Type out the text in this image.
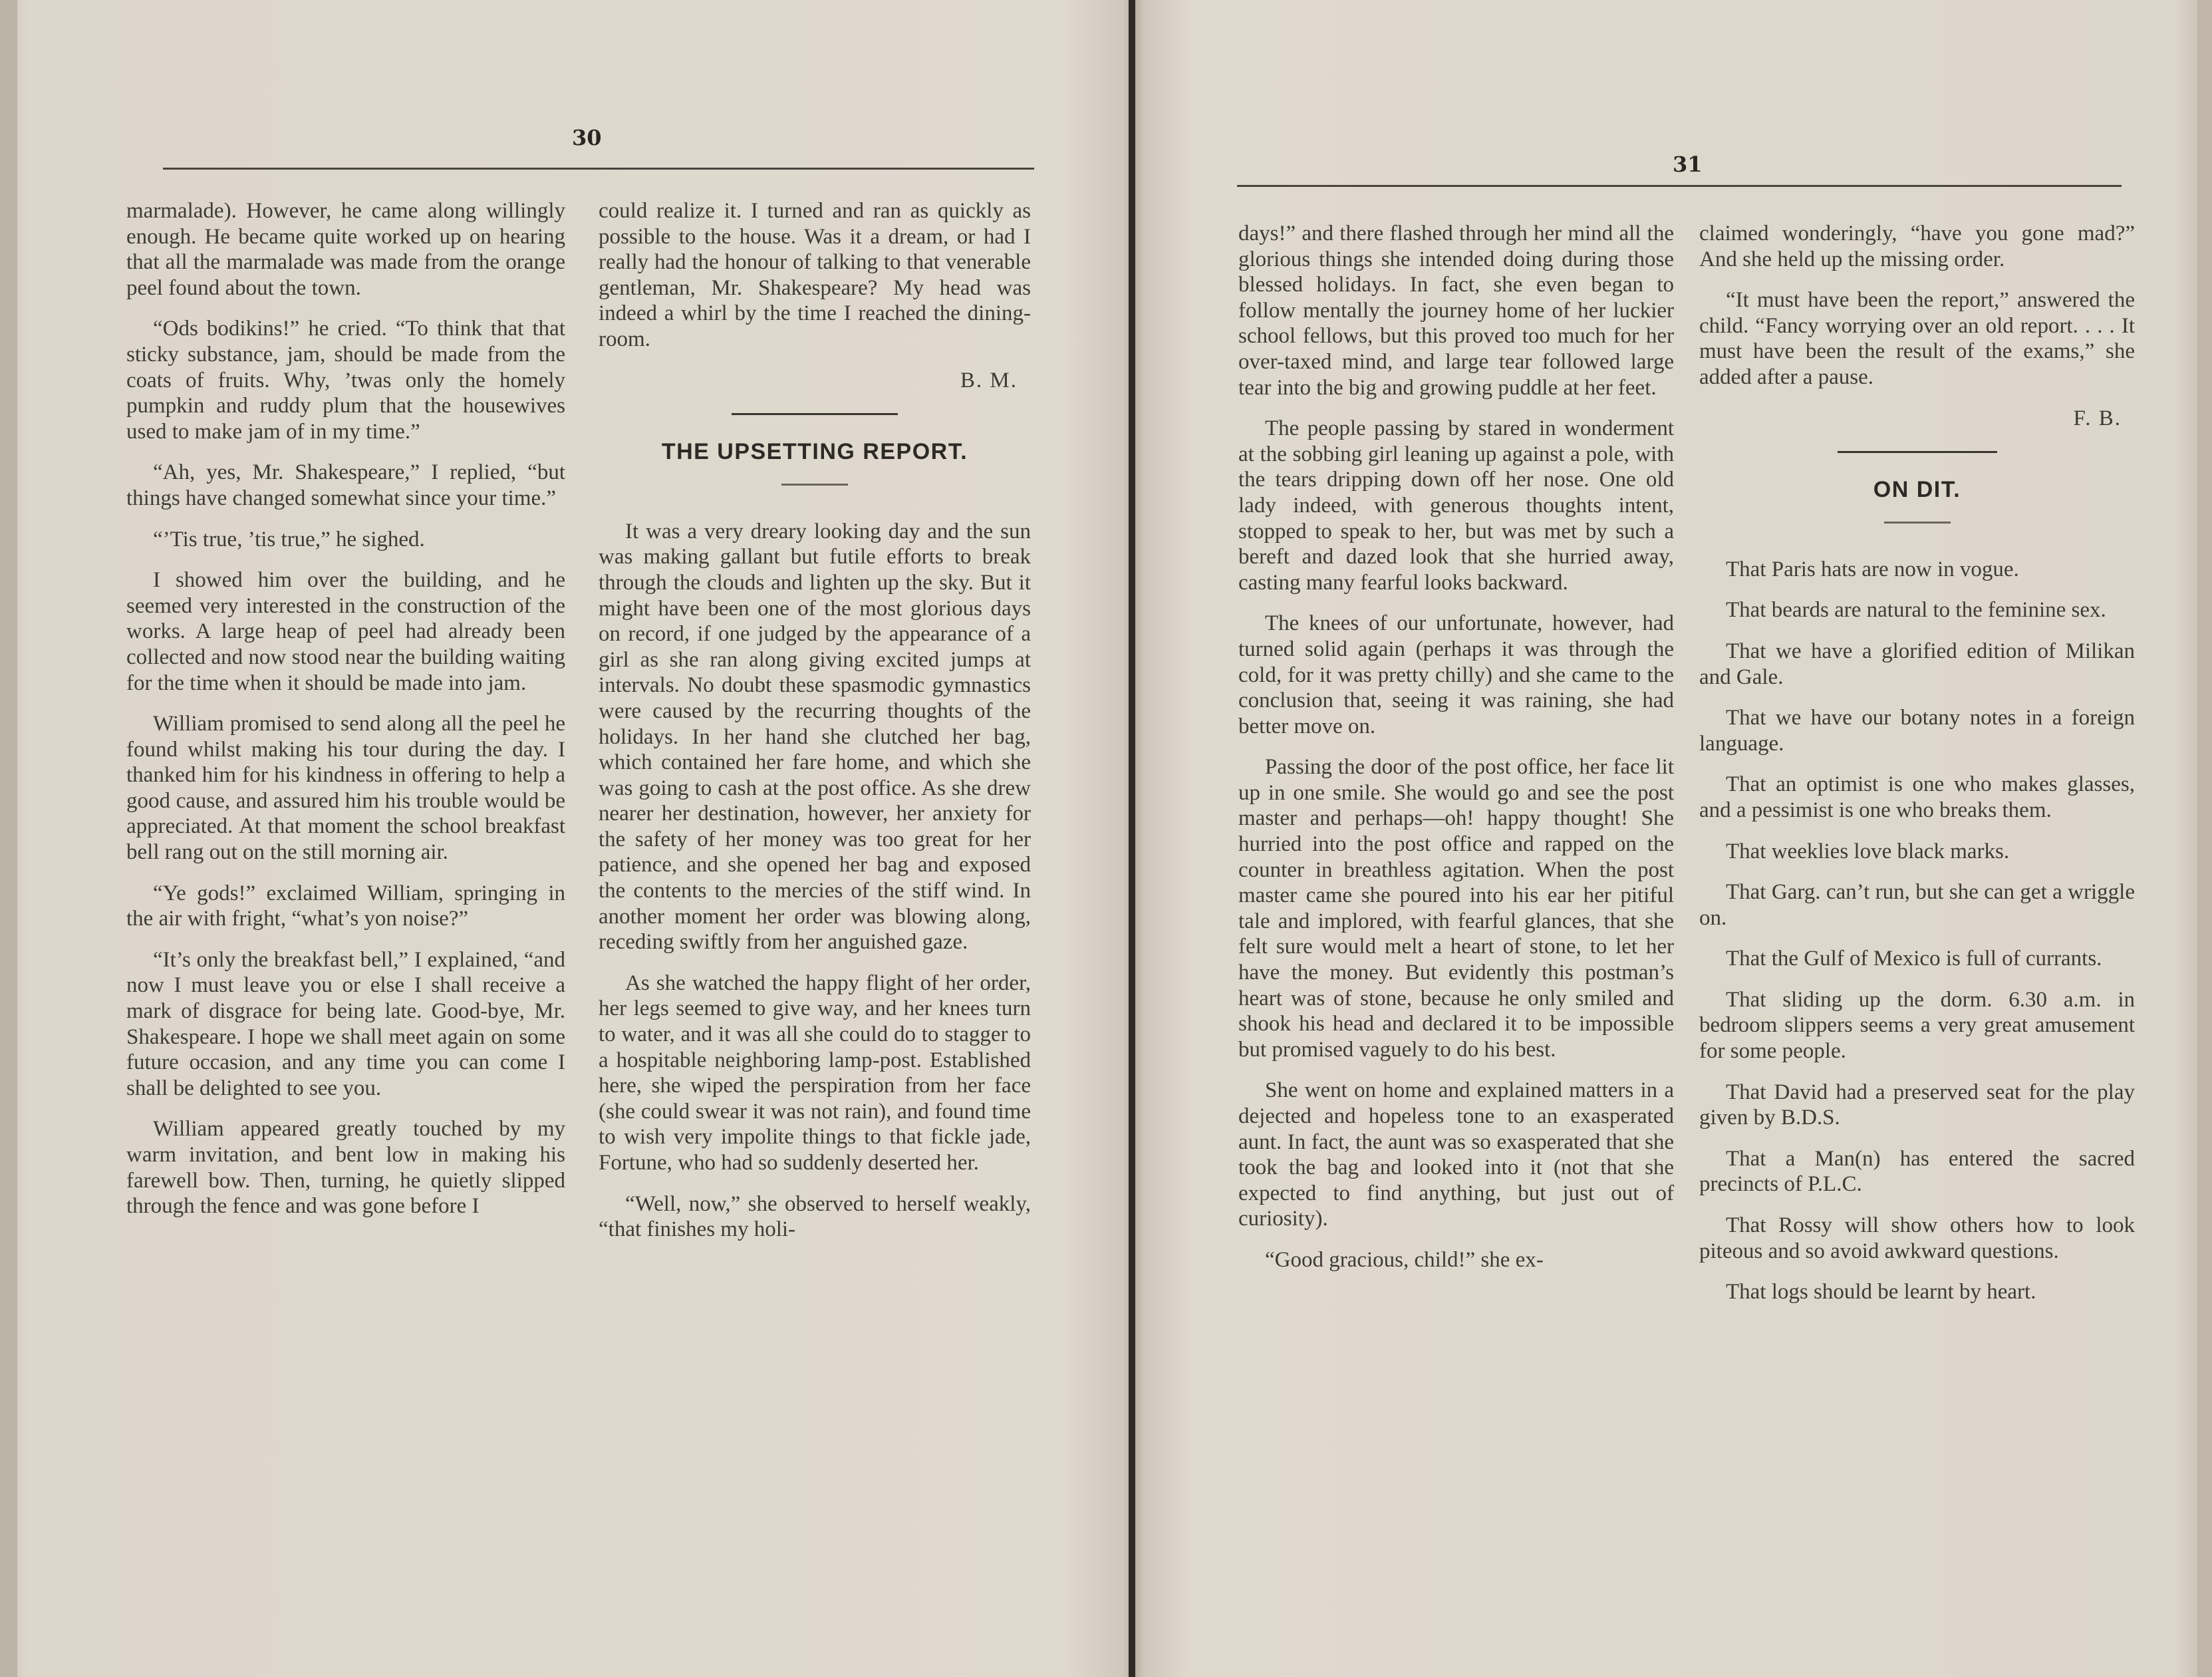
30

marmalade). However, he came along willingly enough. He became quite worked up on hearing that all the marmalade was made from the orange peel found about the town.

“Ods bodikins!” he cried. “To think that that sticky substance, jam, should be made from the coats of fruits. Why, ’twas only the homely pumpkin and ruddy plum that the housewives used to make jam of in my time.”

“Ah, yes, Mr. Shakespeare,” I replied, “but things have changed somewhat since your time.”

“’Tis true, ’tis true,” he sighed.

I showed him over the building, and he seemed very interested in the construction of the works. A large heap of peel had already been collected and now stood near the building waiting for the time when it should be made into jam.

William promised to send along all the peel he found whilst making his tour during the day. I thanked him for his kindness in offering to help a good cause, and assured him his trouble would be appreciated. At that moment the school breakfast bell rang out on the still morning air.

“Ye gods!” exclaimed William, springing in the air with fright, “what’s yon noise?”

“It’s only the breakfast bell,” I explained, “and now I must leave you or else I shall receive a mark of disgrace for being late. Good-bye, Mr. Shakespeare. I hope we shall meet again on some future occasion, and any time you can come I shall be delighted to see you.

William appeared greatly touched by my warm invitation, and bent low in making his farewell bow. Then, turning, he quietly slipped through the fence and was gone before I

could realize it. I turned and ran as quickly as possible to the house. Was it a dream, or had I really had the honour of talking to that venerable gentleman, Mr. Shakespeare? My head was indeed a whirl by the time I reached the dining-room.

B. M.

THE UPSETTING REPORT.

It was a very dreary looking day and the sun was making gallant but futile efforts to break through the clouds and lighten up the sky. But it might have been one of the most glorious days on record, if one judged by the appearance of a girl as she ran along giving excited jumps at intervals. No doubt these spasmodic gymnastics were caused by the recurring thoughts of the holidays. In her hand she clutched her bag, which contained her fare home, and which she was going to cash at the post office. As she drew nearer her destination, however, her anxiety for the safety of her money was too great for her patience, and she opened her bag and exposed the contents to the mercies of the stiff wind. In another moment her order was blowing along, receding swiftly from her anguished gaze.

As she watched the happy flight of her order, her legs seemed to give way, and her knees turn to water, and it was all she could do to stagger to a hospitable neighboring lamp-post. Established here, she wiped the perspiration from her face (she could swear it was not rain), and found time to wish very impolite things to that fickle jade, Fortune, who had so suddenly deserted her.

“Well, now,” she observed to herself weakly, “that finishes my holi-

31

days!” and there flashed through her mind all the glorious things she intended doing during those blessed holidays. In fact, she even began to follow mentally the journey home of her luckier school fellows, but this proved too much for her over-taxed mind, and large tear followed large tear into the big and growing puddle at her feet.

The people passing by stared in wonderment at the sobbing girl leaning up against a pole, with the tears dripping down off her nose. One old lady indeed, with generous thoughts intent, stopped to speak to her, but was met by such a bereft and dazed look that she hurried away, casting many fearful looks backward.

The knees of our unfortunate, however, had turned solid again (perhaps it was through the cold, for it was pretty chilly) and she came to the conclusion that, seeing it was raining, she had better move on.

Passing the door of the post office, her face lit up in one smile. She would go and see the post master and perhaps—oh! happy thought! She hurried into the post office and rapped on the counter in breathless agitation. When the post master came she poured into his ear her pitiful tale and implored, with fearful glances, that she felt sure would melt a heart of stone, to let her have the money. But evidently this postman’s heart was of stone, because he only smiled and shook his head and declared it to be impossible but promised vaguely to do his best.

She went on home and explained matters in a dejected and hopeless tone to an exasperated aunt. In fact, the aunt was so exasperated that she took the bag and looked into it (not that she expected to find anything, but just out of curiosity).

“Good gracious, child!” she ex-

claimed wonderingly, “have you gone mad?” And she held up the missing order.

“It must have been the report,” answered the child. “Fancy worrying over an old report. . . . It must have been the result of the exams,” she added after a pause.

F. B.

ON DIT.

That Paris hats are now in vogue.

That beards are natural to the feminine sex.

That we have a glorified edition of Milikan and Gale.

That we have our botany notes in a foreign language.

That an optimist is one who makes glasses, and a pessimist is one who breaks them.

That weeklies love black marks.

That Garg. can’t run, but she can get a wriggle on.

That the Gulf of Mexico is full of currants.

That sliding up the dorm. 6.30 a.m. in bedroom slippers seems a very great amusement for some people.

That David had a preserved seat for the play given by B.D.S.

That a Man(n) has entered the sacred precincts of P.L.C.

That Rossy will show others how to look piteous and so avoid awkward questions.

That logs should be learnt by heart.
